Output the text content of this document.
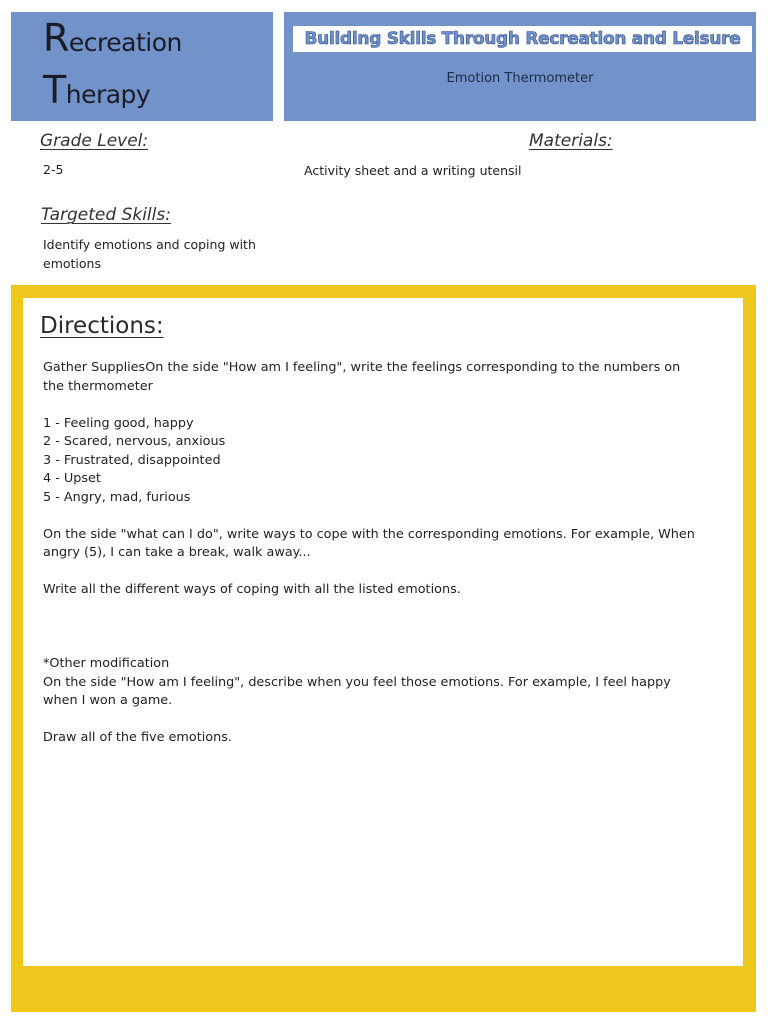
Recreation
Therapy
Building Skills Through Recreation and Leisure
Emotion Thermometer
Grade Level:
2-5
Materials:
Activity sheet and a writing utensil
Targeted Skills:
Identify emotions and coping with
emotions
Directions:

Gather SuppliesOn the side "How am I feeling", write the feelings corresponding to the numbers on the thermometer

1 - Feeling good, happy

2 - Scared, nervous, anxious

3 - Frustrated, disappointed

4 - Upset

5 - Angry, mad, furious

On the side "what can I do", write ways to cope with the corresponding emotions. For example, When angry (5), I can take a break, walk away...

Write all the different ways of coping with all the listed emotions.

*Other modification

On the side "How am I feeling", describe when you feel those emotions. For example, I feel happy when I won a game.

Draw all of the five emotions.
